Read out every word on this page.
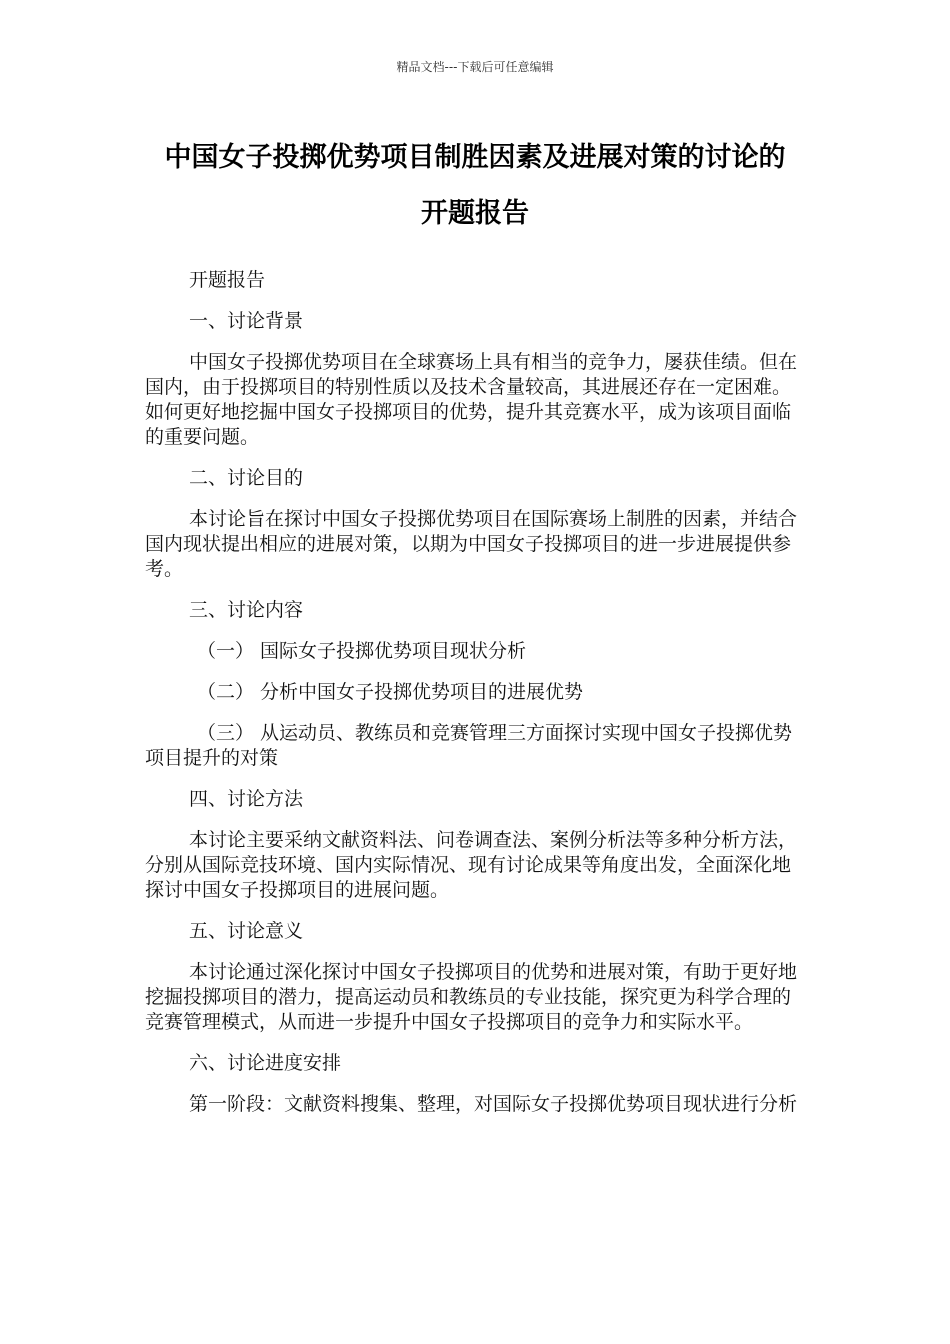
精品文档---下载后可任意编辑
中国女子投掷优势项目制胜因素及进展对策的讨论的
开题报告

开题报告

一、讨论背景

中国女子投掷优势项目在全球赛场上具有相当的竞争力，屡获佳绩。但在国内，由于投掷项目的特别性质以及技术含量较高，其进展还存在一定困难。如何更好地挖掘中国女子投掷项目的优势，提升其竞赛水平，成为该项目面临的重要问题。

二、讨论目的

本讨论旨在探讨中国女子投掷优势项目在国际赛场上制胜的因素，并结合国内现状提出相应的进展对策，以期为中国女子投掷项目的进一步进展提供参考。

三、讨论内容

（一） 国际女子投掷优势项目现状分析

（二） 分析中国女子投掷优势项目的进展优势

（三） 从运动员、教练员和竞赛管理三方面探讨实现中国女子投掷优势项目提升的对策

四、讨论方法

本讨论主要采纳文献资料法、问卷调查法、案例分析法等多种分析方法，分别从国际竞技环境、国内实际情况、现有讨论成果等角度出发，全面深化地探讨中国女子投掷项目的进展问题。

五、讨论意义

本讨论通过深化探讨中国女子投掷项目的优势和进展对策，有助于更好地挖掘投掷项目的潜力，提高运动员和教练员的专业技能，探究更为科学合理的竞赛管理模式，从而进一步提升中国女子投掷项目的竞争力和实际水平。

六、讨论进度安排

第一阶段：文献资料搜集、整理，对国际女子投掷优势项目现状进行分析
